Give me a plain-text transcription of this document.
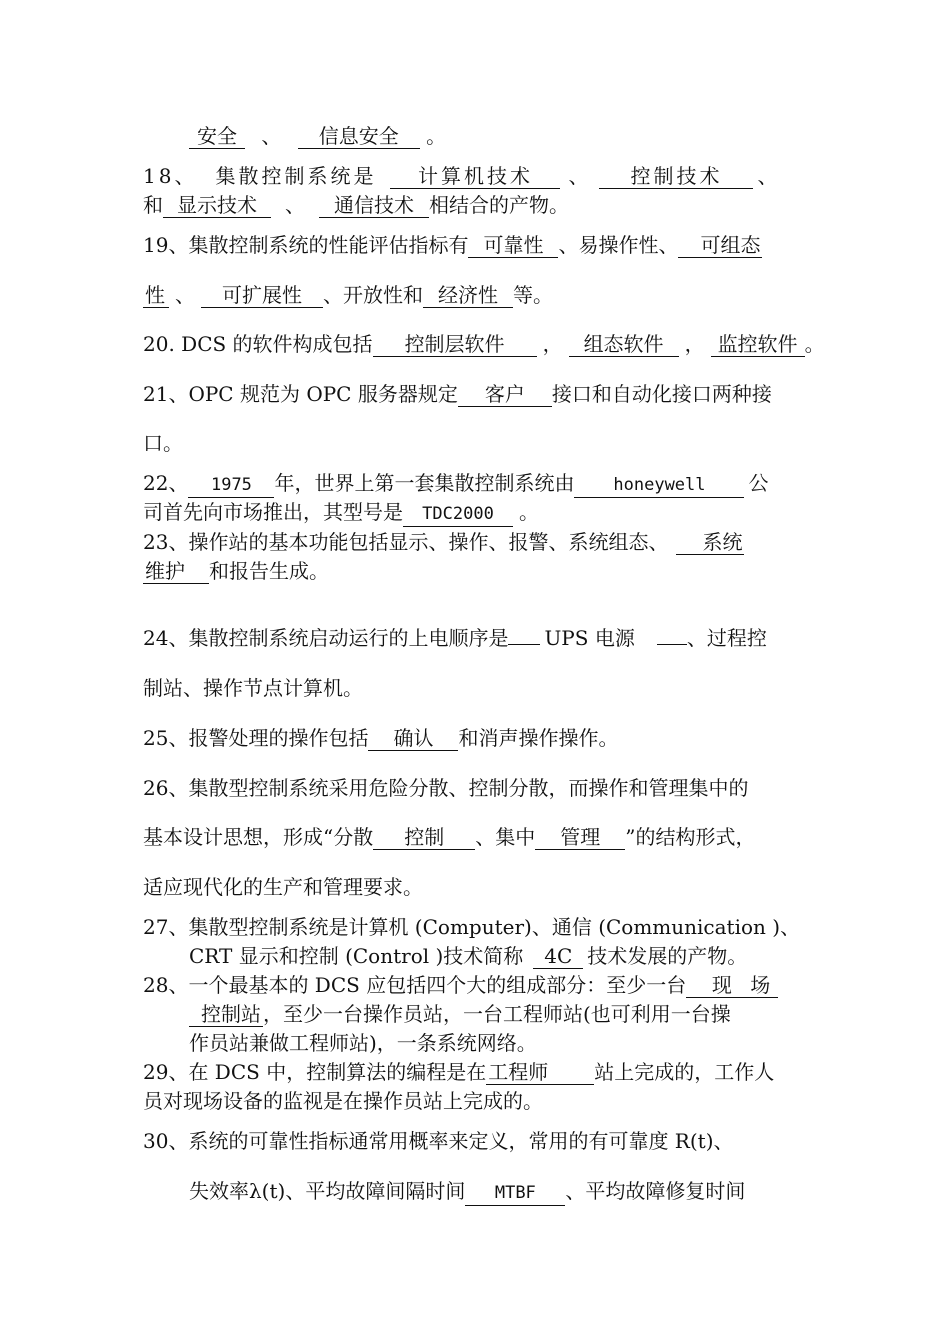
安全 、 信息安全 。
18、 集散控制系统是 计算机技术 、 控制技术 、
和 显示技术 、 通信技术 相结合的产物。
19、集散控制系统的性能评估指标有 可靠性 、易操作性、 可组态
性 、 可扩展性 、开放性和 经济性 等。
20. DCS 的软件构成包括 控制层软件 ， 组态软件 ， 监控软件 。
21、OPC 规范为 OPC 服务器规定 客户 接口和自动化接口两种接
口。
22、 1975 年，世界上第一套集散控制系统由 honeywell 公
司首先向市场推出，其型号是 TDC2000 。
23、操作站的基本功能包括显示、操作、报警、系统组态、 系统
维护 和报告生成。
24、集散控制系统启动运行的上电顺序是 UPS 电源	、过程控
制站、操作节点计算机。
25、报警处理的操作包括 确认 和消声操作操作。
26、集散型控制系统采用危险分散、控制分散，而操作和管理集中的
基本设计思想，形成“分散 控制 、集中 管理 ”的结构形式，
适应现代化的生产和管理要求。
27、集散型控制系统是计算机 (Computer)、通信 (Communication )、
CRT 显示和控制 (Control )技术简称 4C 技术发展的产物。
28、一个最基本的 DCS 应包括四个大的组成部分：至少一台 现 场
控制站 ，至少一台操作员站，一台工程师站(也可利用一台操
作员站兼做工程师站)，一条系统网络。
29、在 DCS 中，控制算法的编程是在 工程师 站上完成的，工作人
员对现场设备的监视是在操作员站上完成的。
30、系统的可靠性指标通常用概率来定义，常用的有可靠度 R(t)、
失效率λ(t)、平均故障间隔时间 MTBF 、平均故障修复时间
